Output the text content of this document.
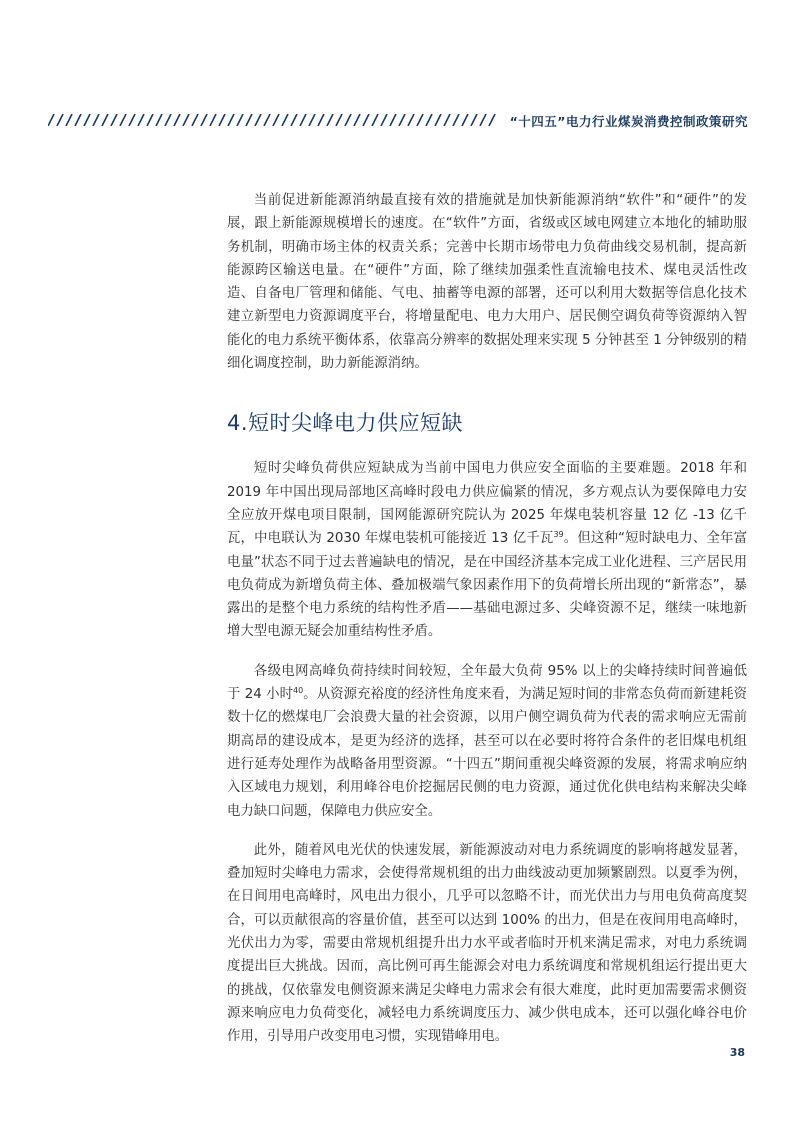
“十四五”电力行业煤炭消费控制政策研究

当前促进新能源消纳最直接有效的措施就是加快新能源消纳“软件”和“硬件”的发展，跟上新能源规模增长的速度。在“软件”方面，省级或区域电网建立本地化的辅助服务机制，明确市场主体的权责关系；完善中长期市场带电力负荷曲线交易机制，提高新能源跨区输送电量。在“硬件”方面，除了继续加强柔性直流输电技术、煤电灵活性改造、自备电厂管理和储能、气电、抽蓄等电源的部署，还可以利用大数据等信息化技术建立新型电力资源调度平台，将增量配电、电力大用户、居民侧空调负荷等资源纳入智能化的电力系统平衡体系，依靠高分辨率的数据处理来实现 5 分钟甚至 1 分钟级别的精细化调度控制，助力新能源消纳。

4.短时尖峰电力供应短缺

短时尖峰负荷供应短缺成为当前中国电力供应安全面临的主要难题。2018 年和 2019 年中国出现局部地区高峰时段电力供应偏紧的情况，多方观点认为要保障电力安全应放开煤电项目限制，国网能源研究院认为 2025 年煤电装机容量 12 亿 -13 亿千瓦，中电联认为 2030 年煤电装机可能接近 13 亿千瓦$^{39}$。但这种“短时缺电力、全年富电量”状态不同于过去普遍缺电的情况，是在中国经济基本完成工业化进程、三产居民用电负荷成为新增负荷主体、叠加极端气象因素作用下的负荷增长所出现的“新常态”，暴露出的是整个电力系统的结构性矛盾——基础电源过多、尖峰资源不足，继续一味地新增大型电源无疑会加重结构性矛盾。

各级电网高峰负荷持续时间较短，全年最大负荷 95% 以上的尖峰持续时间普遍低于 24 小时$^{40}$。从资源充裕度的经济性角度来看，为满足短时间的非常态负荷而新建耗资数十亿的燃煤电厂会浪费大量的社会资源，以用户侧空调负荷为代表的需求响应无需前期高昂的建设成本，是更为经济的选择，甚至可以在必要时将符合条件的老旧煤电机组进行延寿处理作为战略备用型资源。“十四五”期间重视尖峰资源的发展，将需求响应纳入区域电力规划，利用峰谷电价挖掘居民侧的电力资源，通过优化供电结构来解决尖峰电力缺口问题，保障电力供应安全。

此外，随着风电光伏的快速发展，新能源波动对电力系统调度的影响将越发显著，叠加短时尖峰电力需求，会使得常规机组的出力曲线波动更加频繁剧烈。以夏季为例，在日间用电高峰时，风电出力很小，几乎可以忽略不计，而光伏出力与用电负荷高度契合，可以贡献很高的容量价值，甚至可以达到 100% 的出力，但是在夜间用电高峰时，光伏出力为零，需要由常规机组提升出力水平或者临时开机来满足需求，对电力系统调度提出巨大挑战。因而，高比例可再生能源会对电力系统调度和常规机组运行提出更大的挑战，仅依靠发电侧资源来满足尖峰电力需求会有很大难度，此时更加需要需求侧资源来响应电力负荷变化，减轻电力系统调度压力、减少供电成本，还可以强化峰谷电价作用，引导用户改变用电习惯，实现错峰用电。

38
